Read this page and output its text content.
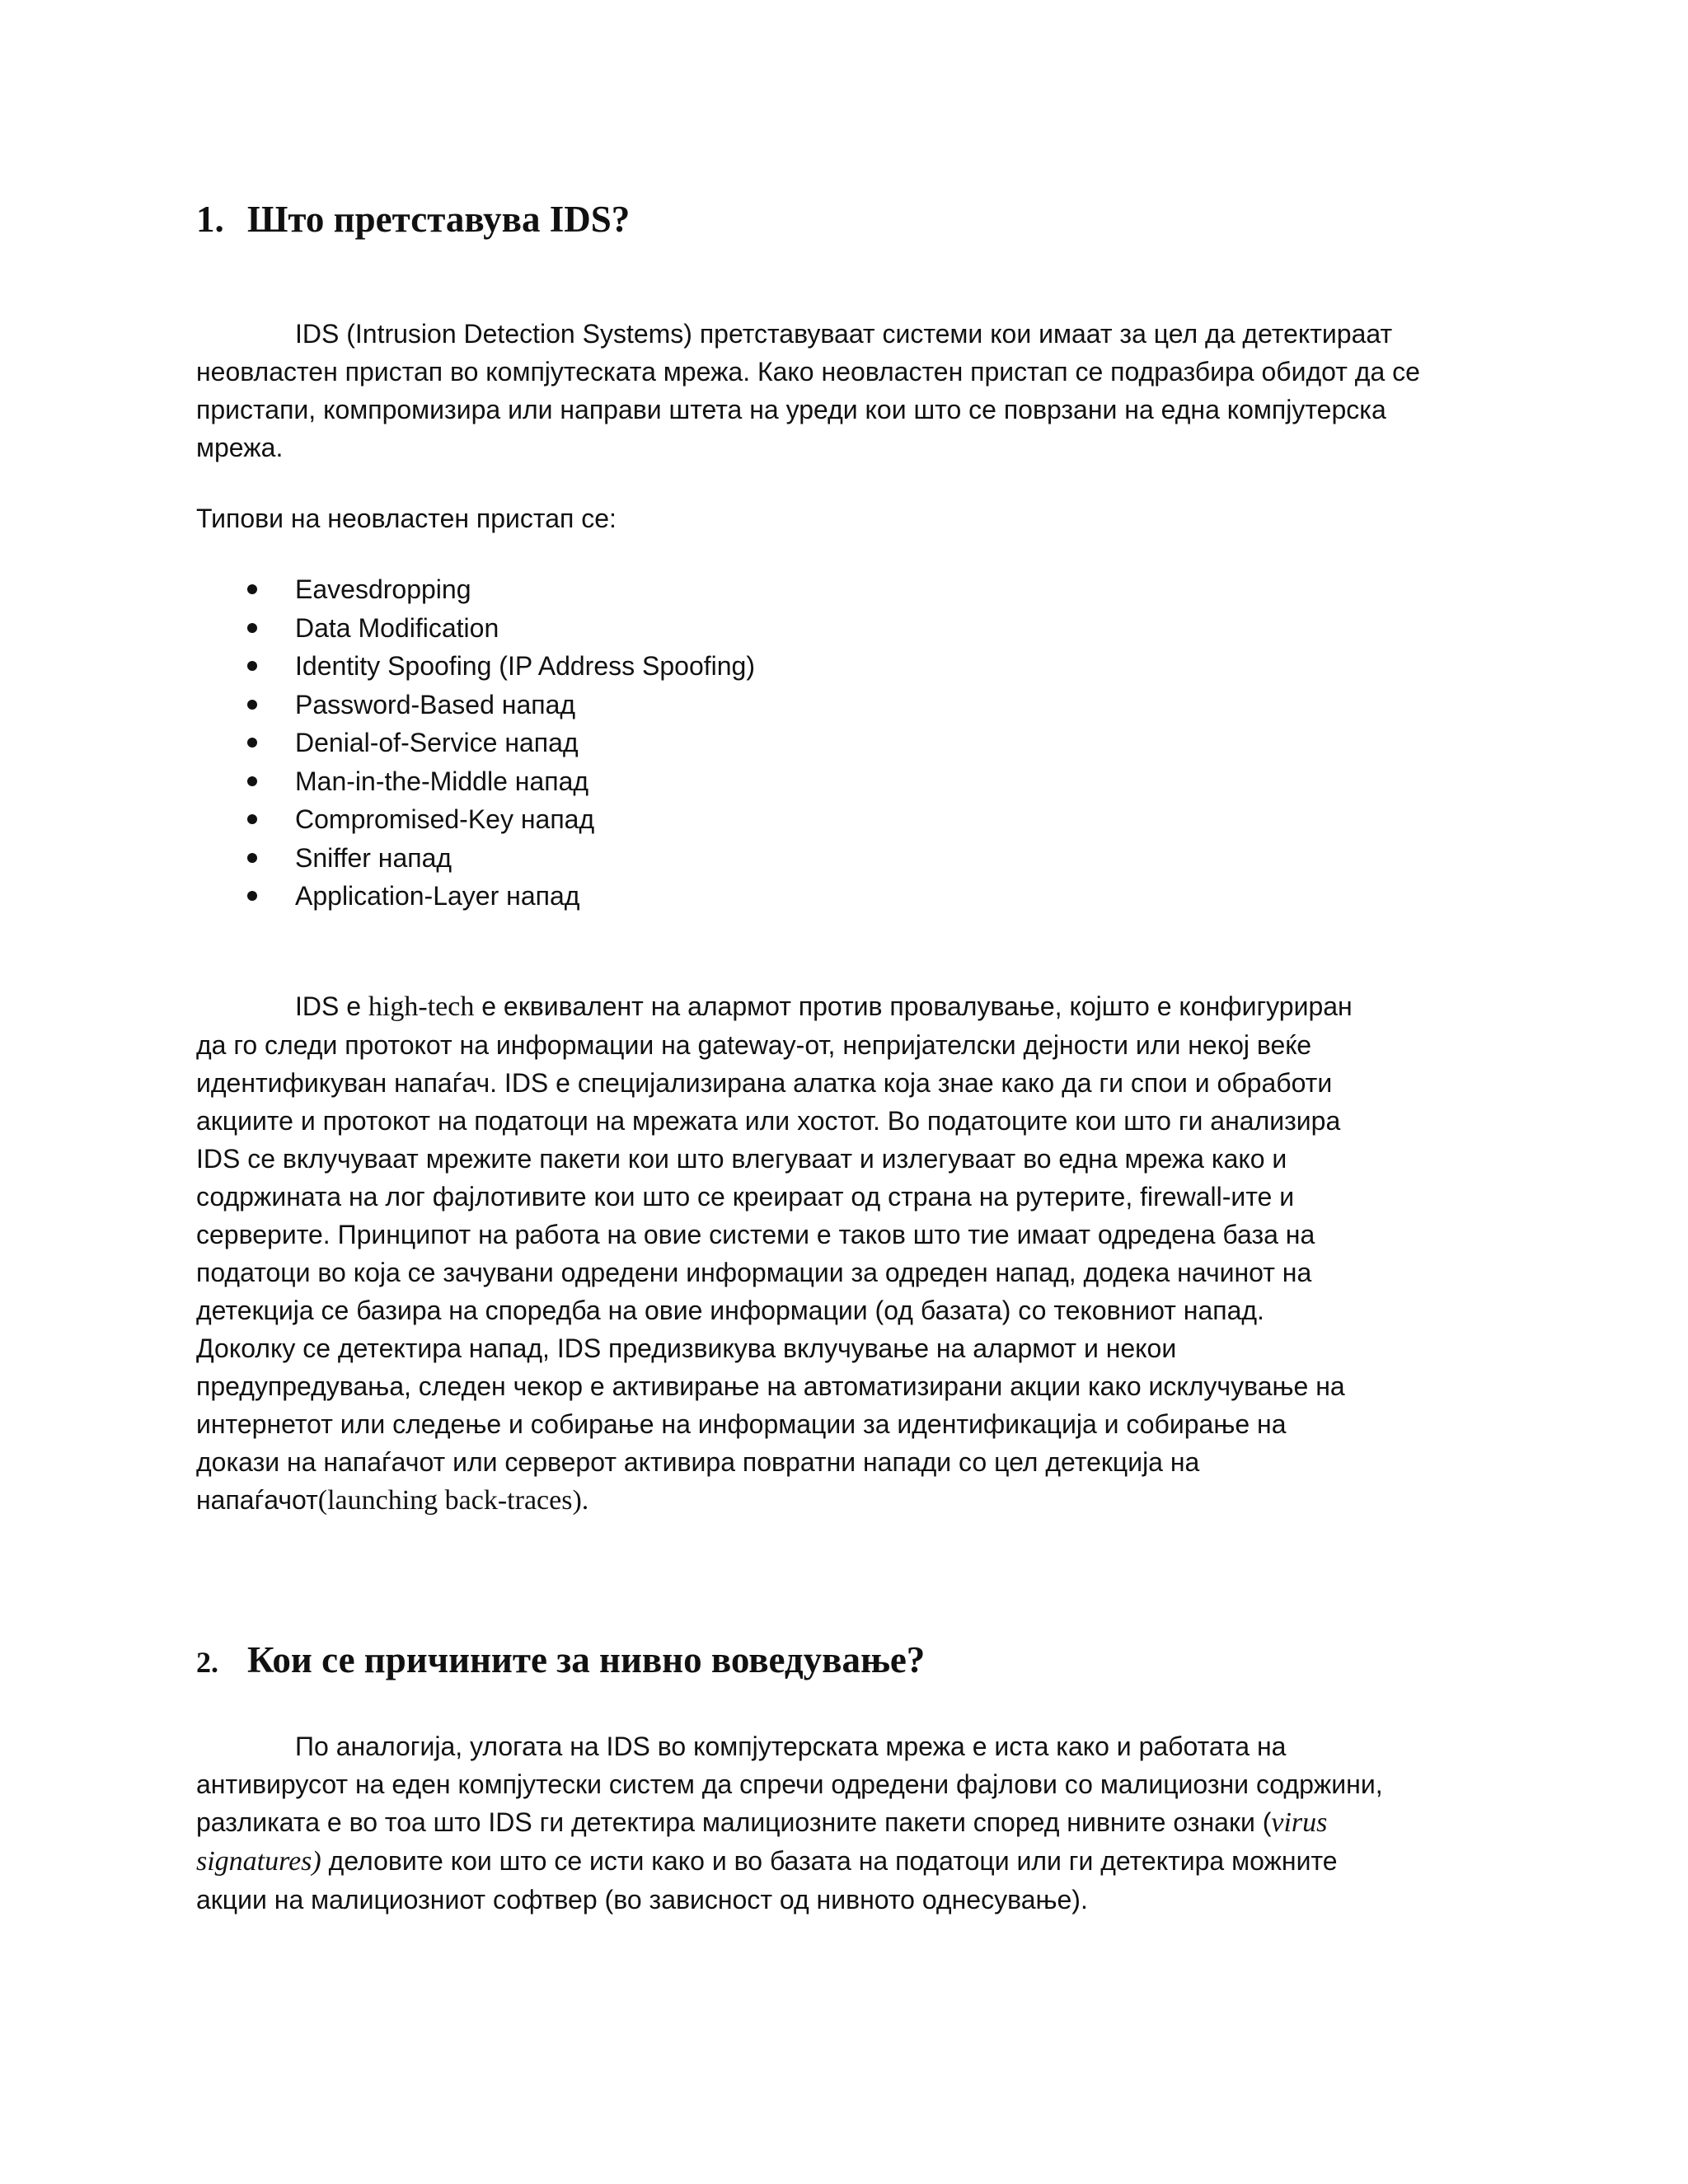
1. Што претставува IDS?
IDS (Intrusion Detection Systems) претставуваат системи кои имаат за цел да детектираат
неовластен пристап во компјутеската мрежа. Како неовластен пристап се подразбира обидот да се
пристапи, компромизира или направи штета на уреди кои што се поврзани на една компјутерска
мрежа.
Типови на неовластен пристап се:
Eavesdropping
Data Modification
Identity Spoofing (IP Address Spoofing)
Password-Based напад
Denial-of-Service напад
Man-in-the-Middle напад
Compromised-Key напад
Sniffer напад
Application-Layer напад
IDS е high-tech е еквивалент на алармот против провалување, којштo е конфигуриран
да го следи протокот на информации на gateway-от, непријателски дејности или некој веќе
идентификуван напаѓач. IDS е специјализирана алатка која знае како да ги спои и обработи
акциите и протокот на податоци на мрежата или хостот. Во податоците кои што ги анализира
IDS се вклучуваат мрежите пакети кои што влегуваат и излегуваат во една мрежа како и
содржината на лог фајлотивите кои што се креираат од страна на рутерите, firewall-ите и
серверите. Принципот на работа на овие системи е таков што тие имаат одредена база на
податоци во која се зачувани одредени информации за одреден напад, додека начинот на
детекција се базира на споредба на овие информации (од базата) со тековниот напад.
Доколку се детектира напад, IDS предизвикува вклучување на алармот и некои
предупредувања, следен чекор е активирање на автоматизирани акции како исклучување на
интернетот или следење и собирање на информации за идентификација и собирање на
докази на напаѓачот или серверот активира повратни напади со цел детекција на
напаѓачот(launching back-traces).
2. Кои се причините за нивно воведување?
По аналогија, улогата на IDS во компјутерската мрежа е иста како и работата на
антивирусот на еден компјутески систем да спречи одредени фајлови со малициозни содржини,
разликата е во тоа што IDS ги детектира малициозните пакети според нивните ознаки (virus
signatures) деловите кои што се исти како и во базата на податоци или ги детектира можните
акции на малициозниот софтвер (во зависност од нивното однесување).
